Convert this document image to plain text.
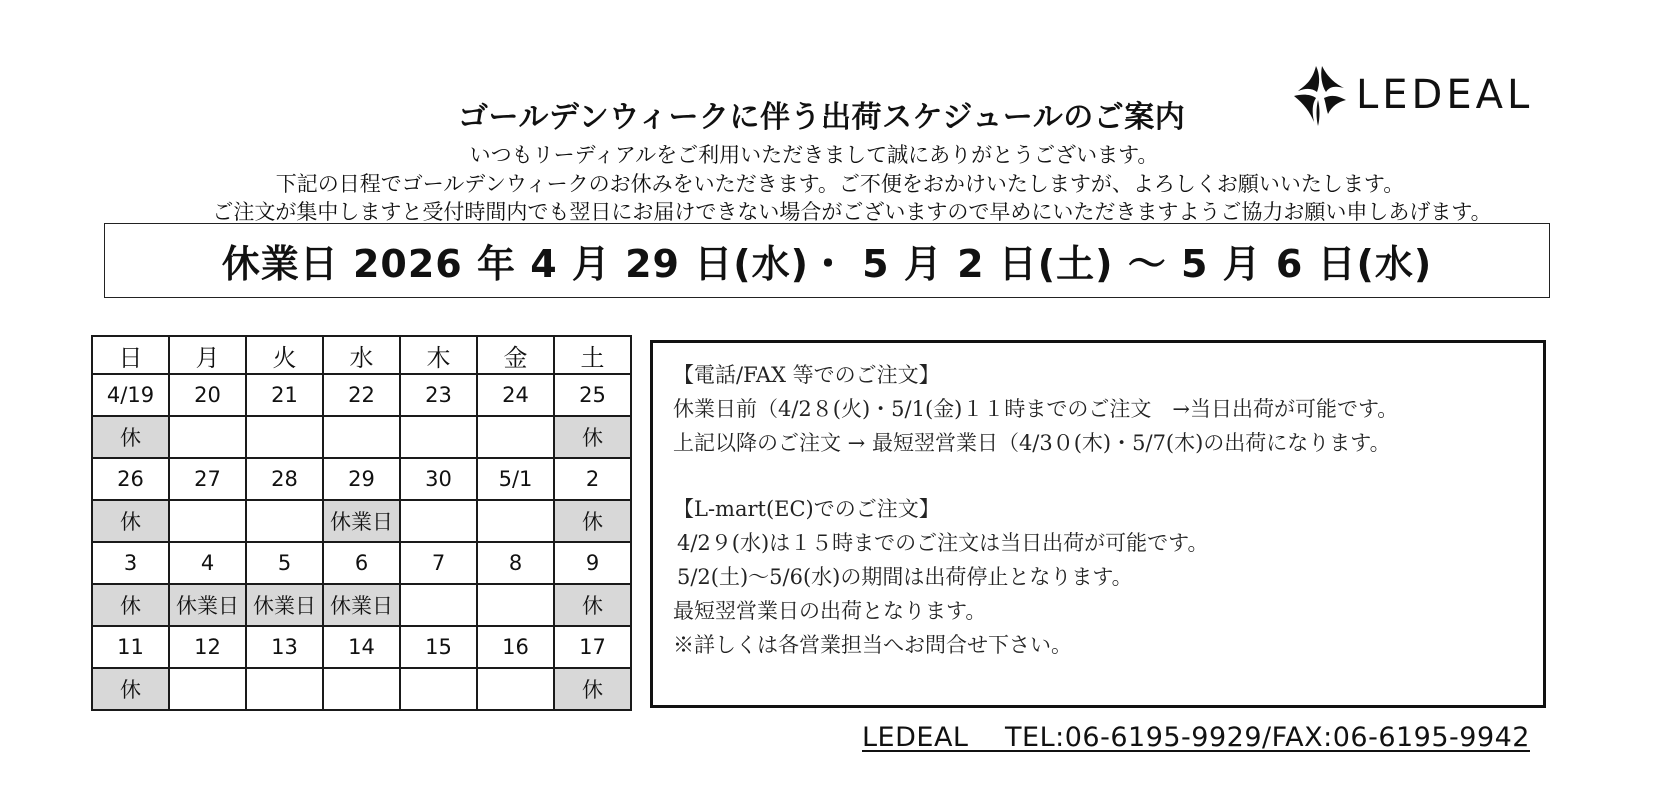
ゴールデンウィークに伴う出荷スケジュールのご案内	LEDEAL
いつもリーディアルをご利用いただきまして誠にありがとうございます。
下記の日程でゴールデンウィークのお休みをいただきます。ご不便をおかけいたしますが、よろしくお願いいたします。
ご注文が集中しますと受付時間内でも翌日にお届けできない場合がございますので早めにいただきますようご協力お願い申しあげます。
休業日 2026 年 4 月 29 日(水)・ 5 月 2 日(土) 〜 5 月 6 日(水)
日	月	火	水	木	金	土
4/19	20	21	22	23	24	25
休						休
26	27	28	29	30	5/1	2
休			休業日			休
3	4	5	6	7	8	9
休	休業日	休業日	休業日			休
11	12	13	14	15	16	17
休						休
【電話/FAX 等でのご注文】
休業日前（4/2８(火)・5/1(金)１１時までのご注文　→当日出荷が可能です。
上記以降のご注文 → 最短翌営業日（4/3０(木)・5/7(木)の出荷になります。
【L-mart(EC)でのご注文】
4/2９(水)は１５時までのご注文は当日出荷が可能です。
5/2(土)〜5/6(水)の期間は出荷停止となります。
最短翌営業日の出荷となります。
※詳しくは各営業担当へお問合せ下さい。
LEDEAL　 TEL:06-6195-9929/FAX:06-6195-9942
